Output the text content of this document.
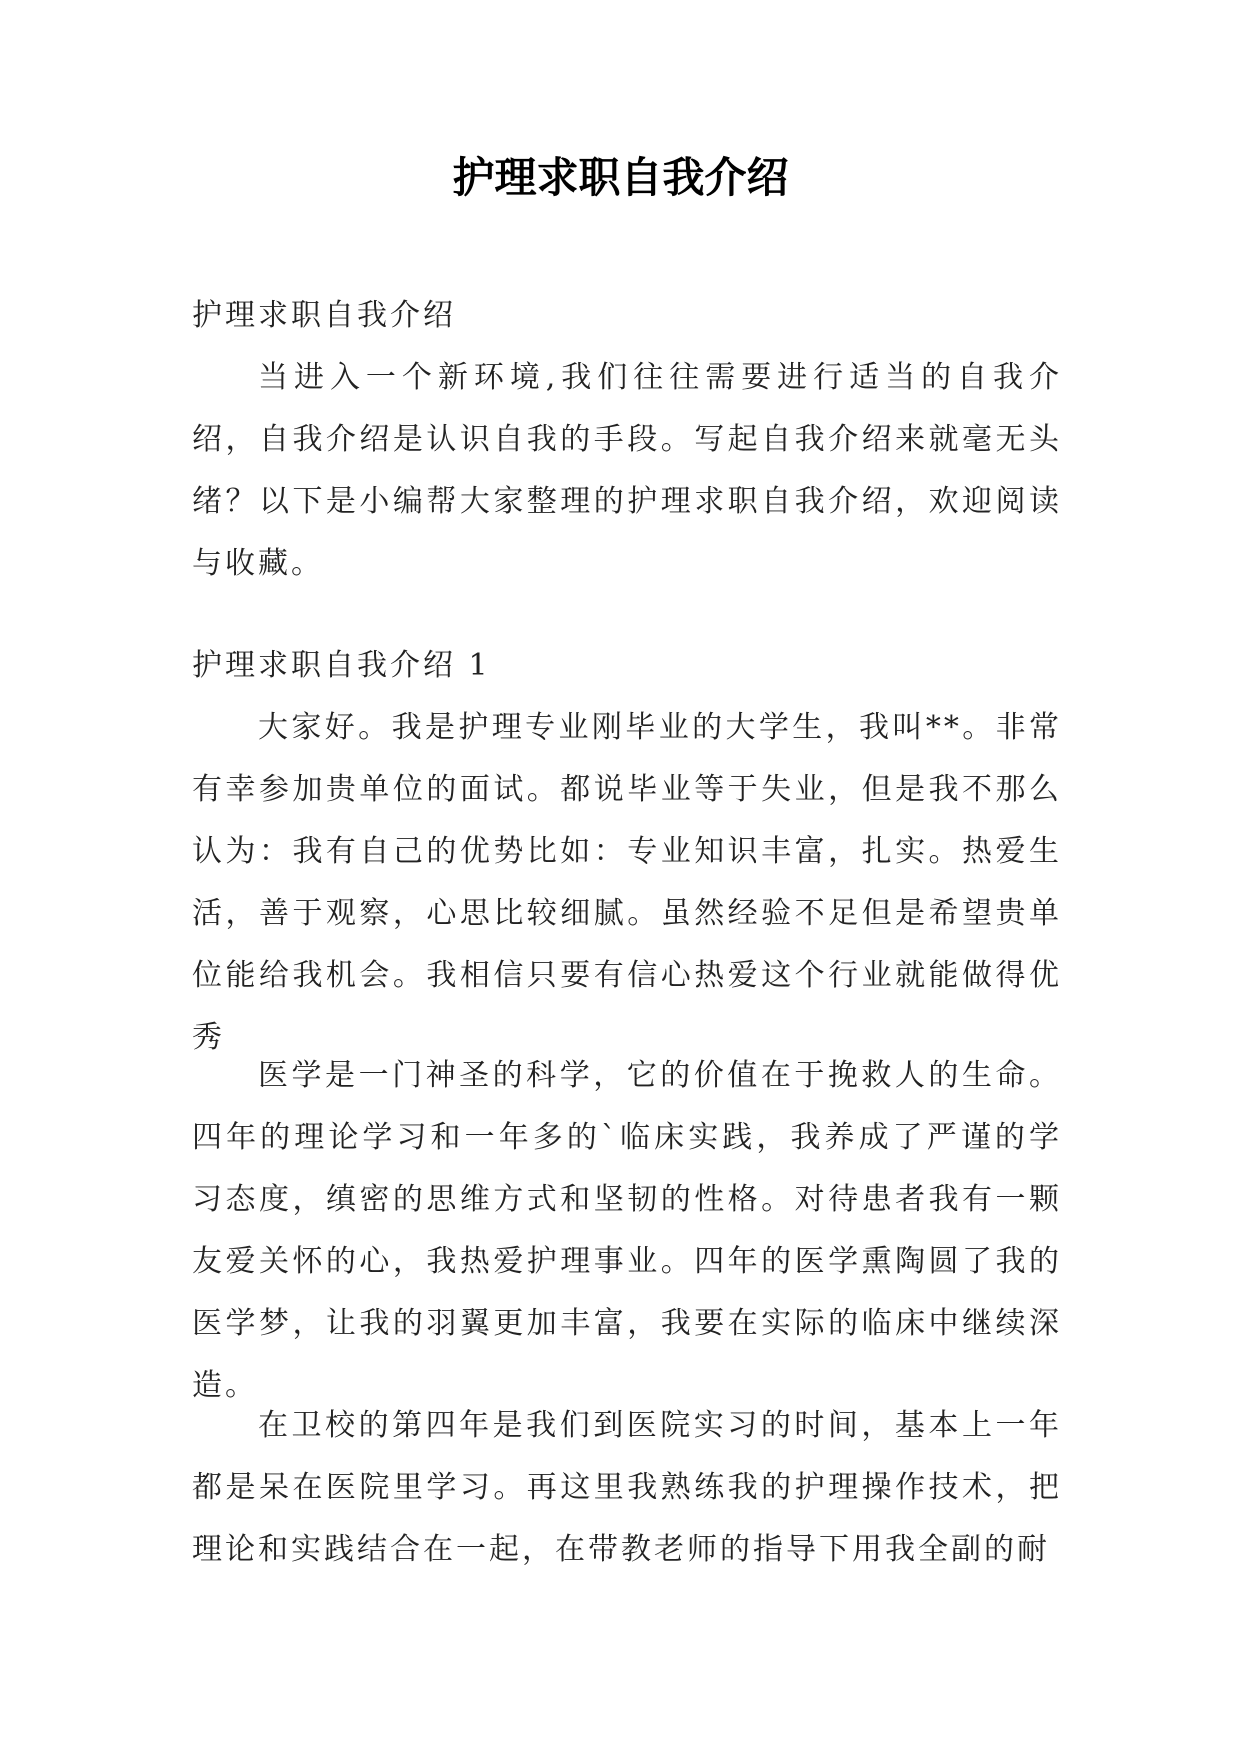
护理求职自我介绍

护理求职自我介绍

当进入一个新环境,我们往往需要进行适当的自我介绍，自我介绍是认识自我的手段。写起自我介绍来就毫无头绪？以下是小编帮大家整理的护理求职自我介绍，欢迎阅读与收藏。

护理求职自我介绍 1

大家好。我是护理专业刚毕业的大学生，我叫**。非常有幸参加贵单位的面试。都说毕业等于失业，但是我不那么认为：我有自己的优势比如：专业知识丰富，扎实。热爱生活，善于观察，心思比较细腻。虽然经验不足但是希望贵单位能给我机会。我相信只要有信心热爱这个行业就能做得优秀

医学是一门神圣的科学，它的价值在于挽救人的生命。四年的理论学习和一年多的`临床实践，我养成了严谨的学习态度，缜密的思维方式和坚韧的性格。对待患者我有一颗友爱关怀的心，我热爱护理事业。四年的医学熏陶圆了我的医学梦，让我的羽翼更加丰富，我要在实际的临床中继续深造。

在卫校的第四年是我们到医院实习的时间，基本上一年都是呆在医院里学习。再这里我熟练我的护理操作技术，把理论和实践结合在一起，在带教老师的指导下用我全副的耐
